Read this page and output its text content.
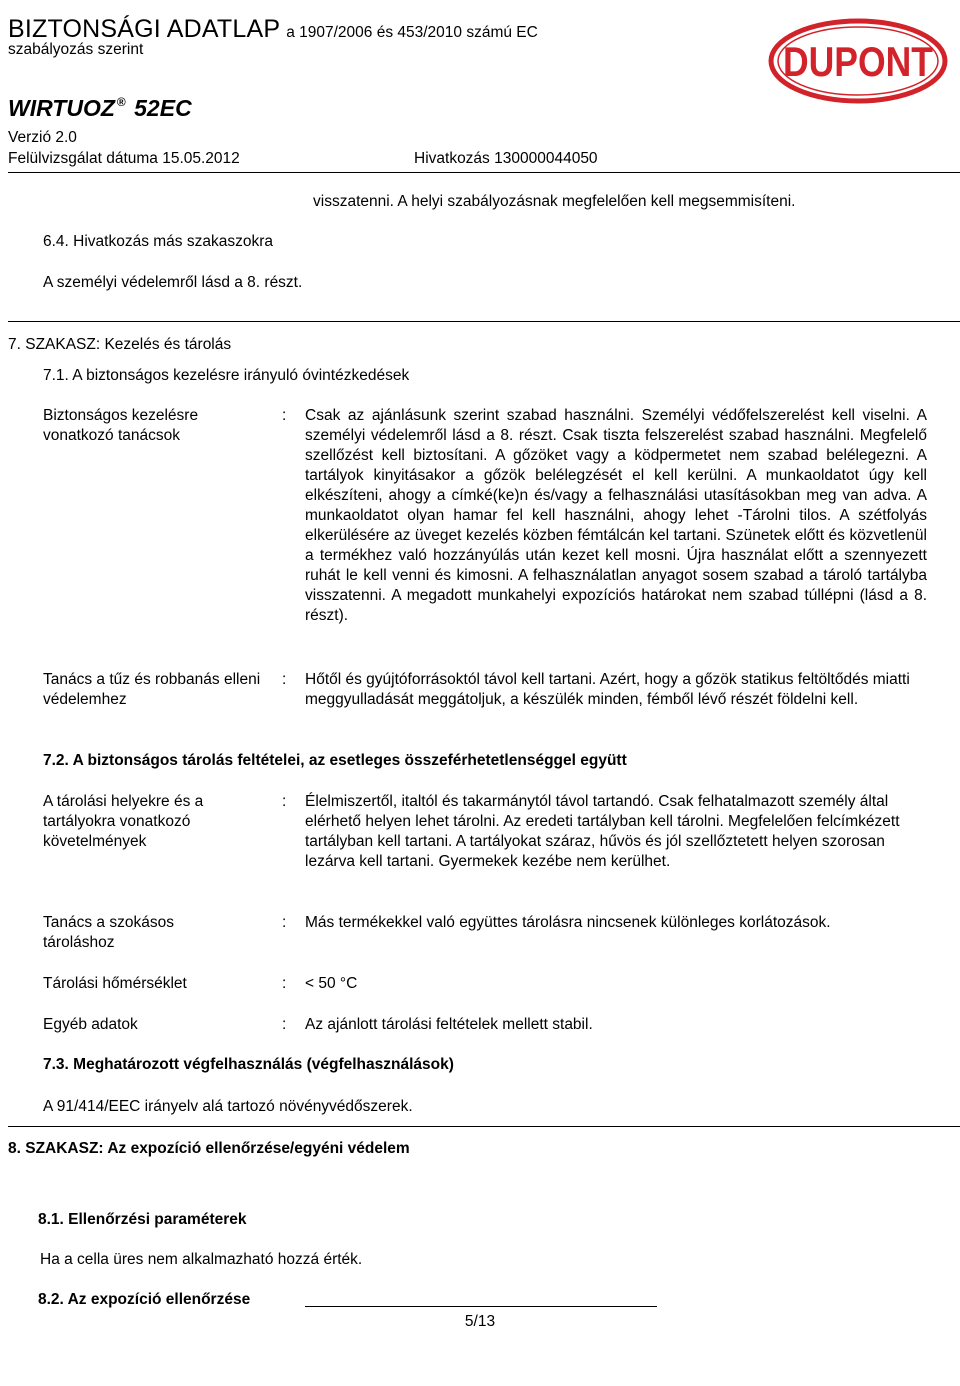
BIZTONSÁGI ADATLAP a 1907/2006 és 453/2010 számú EC
szabályozás szerint
WIRTUOZ ® 52EC
Verzió 2.0
Felülvizsgálat dátuma 15.05.2012	Hivatkozás 130000044050
DUPONT
visszatenni. A helyi szabályozásnak megfelelően kell megsemmisíteni.
6.4. Hivatkozás más szakaszokra
A személyi védelemről lásd a 8. részt.
7. SZAKASZ: Kezelés és tárolás
7.1. A biztonságos kezelésre irányuló óvintézkedések
Biztonságos kezelésre vonatkozó tanácsok
: Csak az ajánlásunk szerint szabad használni. Személyi védőfelszerelést kell viselni. A személyi védelemről lásd a 8. részt. Csak tiszta felszerelést szabad használni. Megfelelő szellőzést kell biztosítani. A gőzöket vagy a ködpermetet nem szabad belélegezni. A tartályok kinyitásakor a gőzök belélegzését el kell kerülni. A munkaoldatot úgy kell elkészíteni, ahogy a címké(ke)n és/vagy a felhasználási utasításokban meg van adva. A munkaoldatot olyan hamar fel kell használni, ahogy lehet -Tárolni tilos. A szétfolyás elkerülésére az üveget kezelés közben fémtálcán kel tartani. Szünetek előtt és közvetlenül a termékhez való hozzányúlás után kezet kell mosni. Újra használat előtt a szennyezett ruhát le kell venni és kimosni. A felhasználatlan anyagot sosem szabad a tároló tartályba visszatenni. A megadott munkahelyi expozíciós határokat nem szabad túllépni (lásd a 8. részt).
Tanács a tűz és robbanás elleni védelemhez
: Hőtől és gyújtóforrásoktól távol kell tartani. Azért, hogy a gőzök statikus feltöltődés miatti meggyulladását meggátoljuk, a készülék minden, fémből lévő részét földelni kell.
7.2. A biztonságos tárolás feltételei, az esetleges összeférhetetlenséggel együtt
A tárolási helyekre és a tartályokra vonatkozó követelmények
: Élelmiszertől, italtól és takarmánytól távol tartandó. Csak felhatalmazott személy által elérhető helyen lehet tárolni. Az eredeti tartályban kell tárolni. Megfelelően felcímkézett tartályban kell tartani. A tartályokat száraz, hűvös és jól szellőztetett helyen szorosan lezárva kell tartani. Gyermekek kezébe nem kerülhet.
Tanács a szokásos tároláshoz
: Más termékekkel való együttes tárolásra nincsenek különleges korlátozások.
Tárolási hőmérséklet	: < 50 °C
Egyéb adatok	: Az ajánlott tárolási feltételek mellett stabil.
7.3. Meghatározott végfelhasználás (végfelhasználások)
A 91/414/EEC irányelv alá tartozó növényvédőszerek.
8. SZAKASZ: Az expozíció ellenőrzése/egyéni védelem
8.1. Ellenőrzési paraméterek
Ha a cella üres nem alkalmazható hozzá érték.
8.2. Az expozíció ellenőrzése
5/13
